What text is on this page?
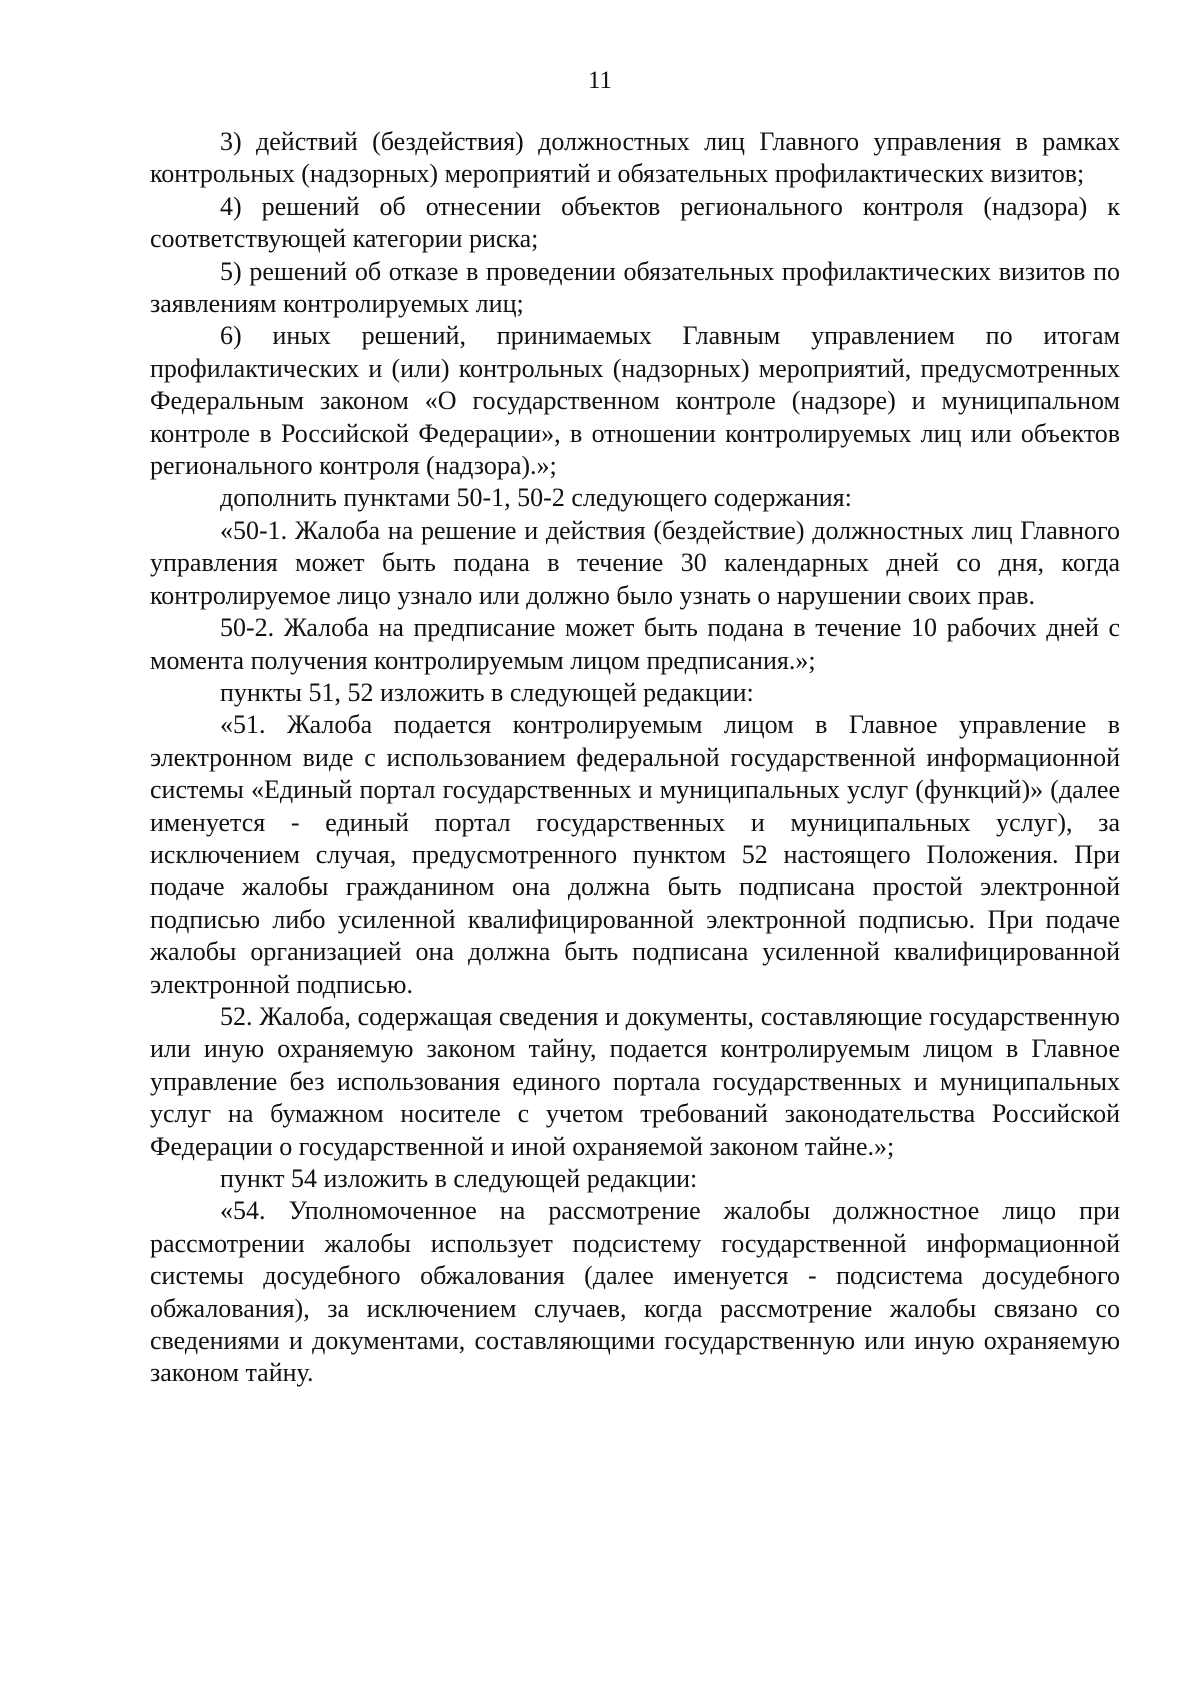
11

3) действий (бездействия) должностных лиц Главного управления в рамках контрольных (надзорных) мероприятий и обязательных профилактических визитов;

4) решений об отнесении объектов регионального контроля (надзора) к соответствующей категории риска;

5) решений об отказе в проведении обязательных профилактических визитов по заявлениям контролируемых лиц;

6) иных решений, принимаемых Главным управлением по итогам профилактических и (или) контрольных (надзорных) мероприятий, предусмотренных Федеральным законом «О государственном контроле (надзоре) и муниципальном контроле в Российской Федерации», в отношении контролируемых лиц или объектов регионального контроля (надзора).»;

дополнить пунктами 50-1, 50-2 следующего содержания:

«50-1. Жалоба на решение и действия (бездействие) должностных лиц Главного управления может быть подана в течение 30 календарных дней со дня, когда контролируемое лицо узнало или должно было узнать о нарушении своих прав.

50-2. Жалоба на предписание может быть подана в течение 10 рабочих дней с момента получения контролируемым лицом предписания.»;

пункты 51, 52 изложить в следующей редакции:

«51. Жалоба подается контролируемым лицом в Главное управление в электронном виде с использованием федеральной государственной информационной системы «Единый портал государственных и муниципальных услуг (функций)» (далее именуется - единый портал государственных и муниципальных услуг), за исключением случая, предусмотренного пунктом 52 настоящего Положения. При подаче жалобы гражданином она должна быть подписана простой электронной подписью либо усиленной квалифицированной электронной подписью. При подаче жалобы организацией она должна быть подписана усиленной квалифицированной электронной подписью.

52. Жалоба, содержащая сведения и документы, составляющие государственную или иную охраняемую законом тайну, подается контролируемым лицом в Главное управление без использования единого портала государственных и муниципальных услуг на бумажном носителе с учетом требований законодательства Российской Федерации о государственной и иной охраняемой законом тайне.»;

пункт 54 изложить в следующей редакции:

«54. Уполномоченное на рассмотрение жалобы должностное лицо при рассмотрении жалобы использует подсистему государственной информационной системы досудебного обжалования (далее именуется - подсистема досудебного обжалования), за исключением случаев, когда рассмотрение жалобы связано со сведениями и документами, составляющими государственную или иную охраняемую законом тайну.
